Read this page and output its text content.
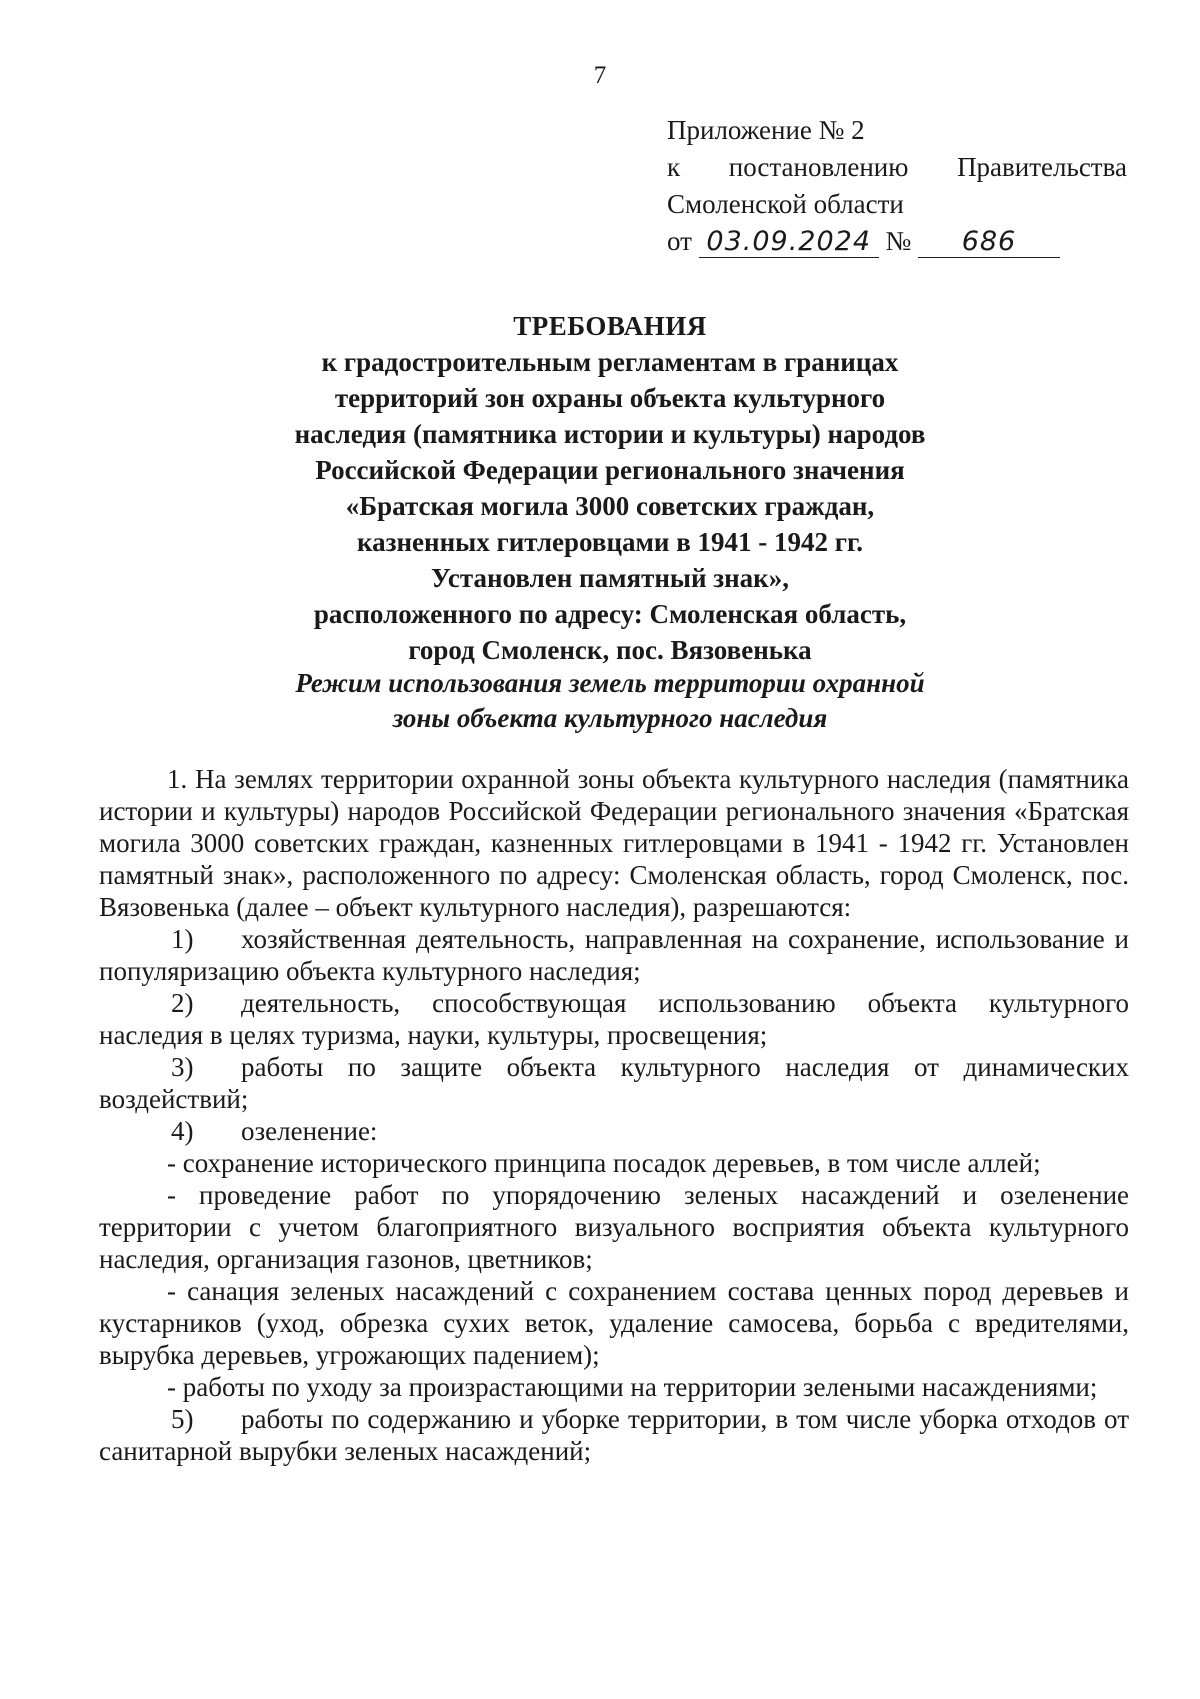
7
Приложение № 2
к постановлению Правительства
Смоленской области
от 03.09.2024 № 686
ТРЕБОВАНИЯ
к градостроительным регламентам в границах
территорий зон охраны объекта культурного
наследия (памятника истории и культуры) народов
Российской Федерации регионального значения
«Братская могила 3000 советских граждан,
казненных гитлеровцами в 1941 - 1942 гг.
Установлен памятный знак»,
расположенного по адресу: Смоленская область,
город Смоленск, пос. Вязовенька
Режим использования земель территории охранной
зоны объекта культурного наследия

1. На землях территории охранной зоны объекта культурного наследия (памятника истории и культуры) народов Российской Федерации регионального значения «Братская могила 3000 советских граждан, казненных гитлеровцами в 1941 - 1942 гг. Установлен памятный знак», расположенного по адресу: Смоленская область, город Смоленск, пос. Вязовенька (далее – объект культурного наследия), разрешаются:

1) хозяйственная деятельность, направленная на сохранение, использование и популяризацию объекта культурного наследия;

2) деятельность, способствующая использованию объекта культурного наследия в целях туризма, науки, культуры, просвещения;

3) работы по защите объекта культурного наследия от динамических воздействий;

4) озеленение:

- сохранение исторического принципа посадок деревьев, в том числе аллей;

- проведение работ по упорядочению зеленых насаждений и озеленение территории с учетом благоприятного визуального восприятия объекта культурного наследия, организация газонов, цветников;

- санация зеленых насаждений с сохранением состава ценных пород деревьев и кустарников (уход, обрезка сухих веток, удаление самосева, борьба с вредителями, вырубка деревьев, угрожающих падением);

- работы по уходу за произрастающими на территории зелеными насаждениями;

5) работы по содержанию и уборке территории, в том числе уборка отходов от санитарной вырубки зеленых насаждений;
